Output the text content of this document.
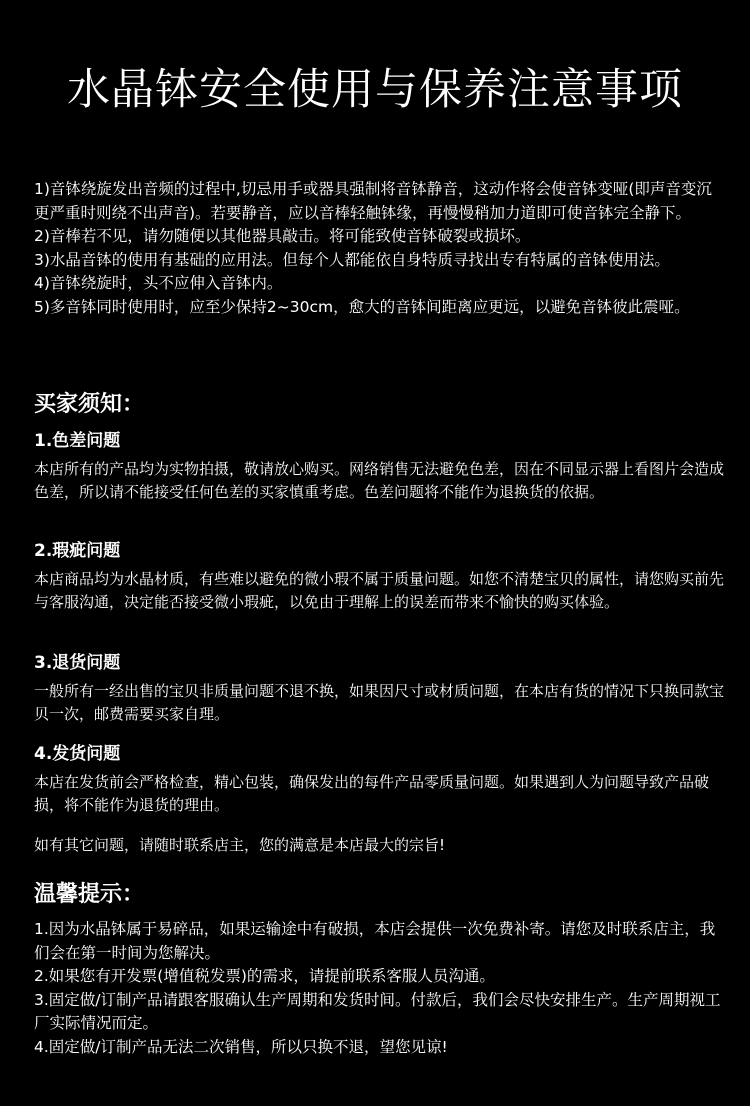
水晶钵安全使用与保养注意事项
1)音钵绕旋发出音频的过程中,切忌用手或器具强制将音钵静音，这动作将会使音钵变哑(即声音变沉更严重时则绕不出声音)。若要静音，应以音棒轻触钵缘，再慢慢稍加力道即可使音钵完全静下。
2)音棒若不见，请勿随便以其他器具敲击。将可能致使音钵破裂或损坏。
3)水晶音钵的使用有基础的应用法。但每个人都能依自身特质寻找出专有特属的音钵使用法。
4)音钵绕旋时，头不应伸入音钵内。
5)多音钵同时使用时，应至少保持2~30cm，愈大的音钵间距离应更远，以避免音钵彼此震哑。
买家须知：
1.色差问题

本店所有的产品均为实物拍摄，敬请放心购买。网络销售无法避免色差，因在不同显示器上看图片会造成色差，所以请不能接受任何色差的买家慎重考虑。色差问题将不能作为退换货的依据。

2.瑕疵问题

本店商品均为水晶材质，有些难以避免的微小瑕不属于质量问题。如您不清楚宝贝的属性，请您购买前先与客服沟通，决定能否接受微小瑕疵，以免由于理解上的误差而带来不愉快的购买体验。

3.退货问题

一般所有一经出售的宝贝非质量问题不退不换，如果因尺寸或材质问题，在本店有货的情况下只换同款宝贝一次，邮费需要买家自理。

4.发货问题

本店在发货前会严格检查，精心包装，确保发出的每件产品零质量问题。如果遇到人为问题导致产品破损，将不能作为退货的理由。

如有其它问题，请随时联系店主，您的满意是本店最大的宗旨!

温馨提示：
1.因为水晶钵属于易碎品，如果运输途中有破损，本店会提供一次免费补寄。请您及时联系店主，我们会在第一时间为您解决。
2.如果您有开发票(增值税发票)的需求，请提前联系客服人员沟通。
3.固定做/订制产品请跟客服确认生产周期和发货时间。付款后，我们会尽快安排生产。生产周期视工厂实际情况而定。
4.固定做/订制产品无法二次销售，所以只换不退，望您见谅!
